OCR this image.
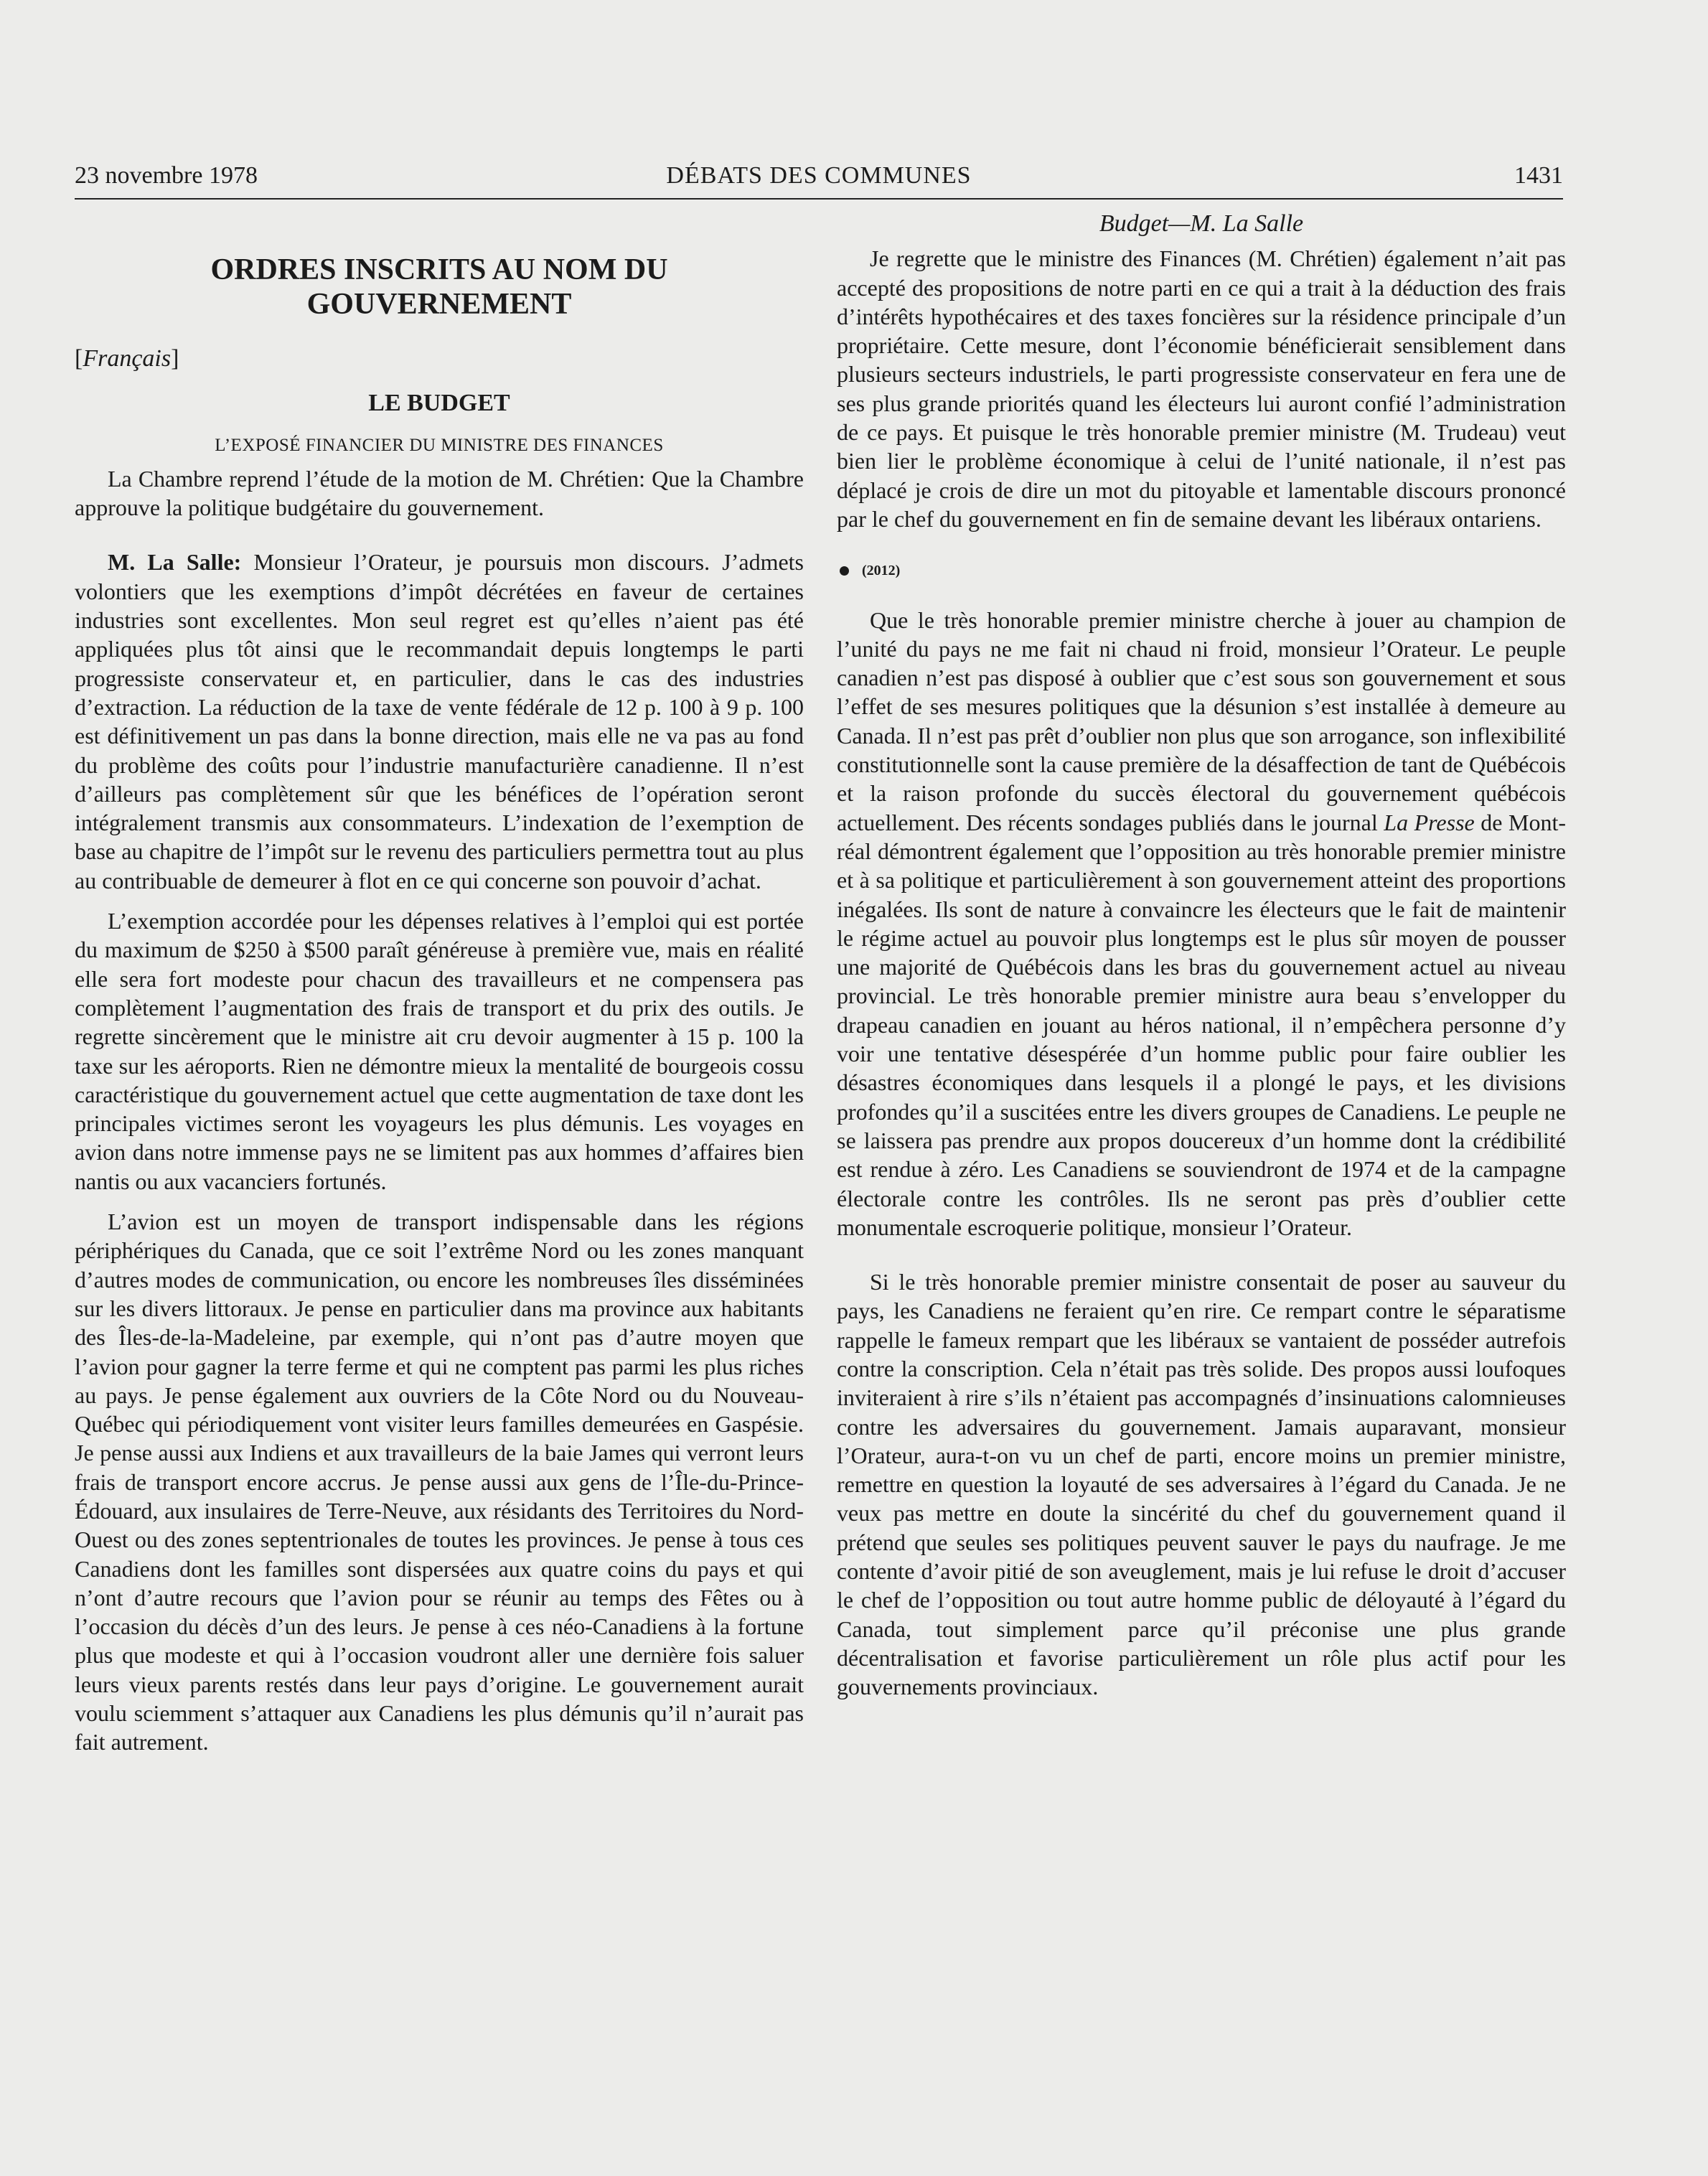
23 novembre 1978	DÉBATS DES COMMUNES	1431
ORDRES INSCRITS AU NOM DU
GOUVERNEMENT
[Français]
LE BUDGET
L’EXPOSÉ FINANCIER DU MINISTRE DES FINANCES

La Chambre reprend l’étude de la motion de M. Chrétien: Que la Chambre approuve la politique budgétaire du gouvernement.

M. La Salle: Monsieur l’Orateur, je poursuis mon discours. J’admets volontiers que les exemptions d’impôt décrétées en faveur de certaines industries sont excellentes. Mon seul regret est qu’elles n’aient pas été appliquées plus tôt ainsi que le recommandait depuis longtemps le parti progressiste conservateur et, en particulier, dans le cas des industries d’extraction. La réduction de la taxe de vente fédérale de 12 p. 100 à 9 p. 100 est définitivement un pas dans la bonne direction, mais elle ne va pas au fond du problème des coûts pour l’industrie manufacturière canadienne. Il n’est d’ailleurs pas complètement sûr que les bénéfices de l’opération seront intégralement transmis aux consommateurs. L’indexation de l’exemption de base au chapitre de l’impôt sur le revenu des particuliers permettra tout au plus au contribuable de demeurer à flot en ce qui concerne son pouvoir d’achat.

L’exemption accordée pour les dépenses relatives à l’emploi qui est portée du maximum de $250 à $500 paraît généreuse à première vue, mais en réalité elle sera fort modeste pour chacun des travailleurs et ne compensera pas complètement l’augmentation des frais de transport et du prix des outils. Je regrette sincèrement que le ministre ait cru devoir augmenter à 15 p. 100 la taxe sur les aéroports. Rien ne démontre mieux la mentalité de bourgeois cossu caractéristique du gouvernement actuel que cette augmentation de taxe dont les principales victimes seront les voyageurs les plus démunis. Les voyages en avion dans notre immense pays ne se limitent pas aux hommes d’affaires bien nantis ou aux vacanciers fortunés.

L’avion est un moyen de transport indispensable dans les régions périphériques du Canada, que ce soit l’extrême Nord ou les zones manquant d’autres modes de communication, ou encore les nombreuses îles disséminées sur les divers littoraux. Je pense en particulier dans ma province aux habitants des Îles-de-la-Madeleine, par exemple, qui n’ont pas d’autre moyen que l’avion pour gagner la terre ferme et qui ne comptent pas parmi les plus riches au pays. Je pense également aux ouvriers de la Côte Nord ou du Nouveau-Québec qui périodiquement vont visiter leurs familles demeurées en Gaspésie. Je pense aussi aux Indiens et aux travailleurs de la baie James qui verront leurs frais de transport encore accrus. Je pense aussi aux gens de l’Île-du-Prince-Édouard, aux insulaires de Terre-Neuve, aux résidants des Territoires du Nord-Ouest ou des zones septentrionales de toutes les provinces. Je pense à tous ces Canadiens dont les familles sont dispersées aux quatre coins du pays et qui n’ont d’autre recours que l’avion pour se réunir au temps des Fêtes ou à l’occasion du décès d’un des leurs. Je pense à ces néo-Canadiens à la fortune plus que modeste et qui à l’occasion voudront aller une dernière fois saluer leurs vieux parents restés dans leur pays d’origine. Le gouvernement aurait voulu sciemment s’attaquer aux Canadiens les plus démunis qu’il n’aurait pas fait autrement.

Budget—M. La Salle

Je regrette que le ministre des Finances (M. Chrétien) également n’ait pas accepté des propositions de notre parti en ce qui a trait à la déduction des frais d’intérêts hypothécaires et des taxes foncières sur la résidence principale d’un propriétaire. Cette mesure, dont l’économie bénéficierait sensiblement dans plusieurs secteurs industriels, le parti progressiste conservateur en fera une de ses plus grande priorités quand les électeurs lui auront confié l’administration de ce pays. Et puisque le très honorable premier ministre (M. Trudeau) veut bien lier le problème économique à celui de l’unité nationale, il n’est pas déplacé je crois de dire un mot du pitoyable et lamentable discours prononcé par le chef du gouvernement en fin de semaine devant les libéraux ontariens.

(2012)

Que le très honorable premier ministre cherche à jouer au champion de l’unité du pays ne me fait ni chaud ni froid, monsieur l’Orateur. Le peuple canadien n’est pas disposé à oublier que c’est sous son gouvernement et sous l’effet de ses mesures politiques que la désunion s’est installée à demeure au Canada. Il n’est pas prêt d’oublier non plus que son arrogance, son inflexibilité constitutionnelle sont la cause première de la désaffection de tant de Québécois et la raison profonde du succès électoral du gouvernement québécois actuellement. Des récents sondages publiés dans le journal La Presse de Montréal démontrent également que l’opposition au très honorable premier ministre et à sa politique et particulièrement à son gouvernement atteint des proportions inégalées. Ils sont de nature à convaincre les électeurs que le fait de maintenir le régime actuel au pouvoir plus longtemps est le plus sûr moyen de pousser une majorité de Québécois dans les bras du gouvernement actuel au niveau provincial. Le très honorable premier ministre aura beau s’envelopper du drapeau canadien en jouant au héros national, il n’empêchera personne d’y voir une tentative désespérée d’un homme public pour faire oublier les désastres économiques dans lesquels il a plongé le pays, et les divisions profondes qu’il a suscitées entre les divers groupes de Canadiens. Le peuple ne se laissera pas prendre aux propos doucereux d’un homme dont la crédibilité est rendue à zéro. Les Canadiens se souviendront de 1974 et de la campagne électorale contre les contrôles. Ils ne seront pas près d’oublier cette monumentale escroquerie politique, monsieur l’Orateur.

Si le très honorable premier ministre consentait de poser au sauveur du pays, les Canadiens ne feraient qu’en rire. Ce rempart contre le séparatisme rappelle le fameux rempart que les libéraux se vantaient de posséder autrefois contre la conscription. Cela n’était pas très solide. Des propos aussi loufoques inviteraient à rire s’ils n’étaient pas accompagnés d’insinuations calomnieuses contre les adversaires du gouvernement. Jamais auparavant, monsieur l’Orateur, aura-t-on vu un chef de parti, encore moins un premier ministre, remettre en question la loyauté de ses adversaires à l’égard du Canada. Je ne veux pas mettre en doute la sincérité du chef du gouvernement quand il prétend que seules ses politiques peuvent sauver le pays du naufrage. Je me contente d’avoir pitié de son aveuglement, mais je lui refuse le droit d’accuser le chef de l’opposition ou tout autre homme public de déloyauté à l’égard du Canada, tout simplement parce qu’il préconise une plus grande décentralisation et favorise particulièrement un rôle plus actif pour les gouvernements provinciaux.
